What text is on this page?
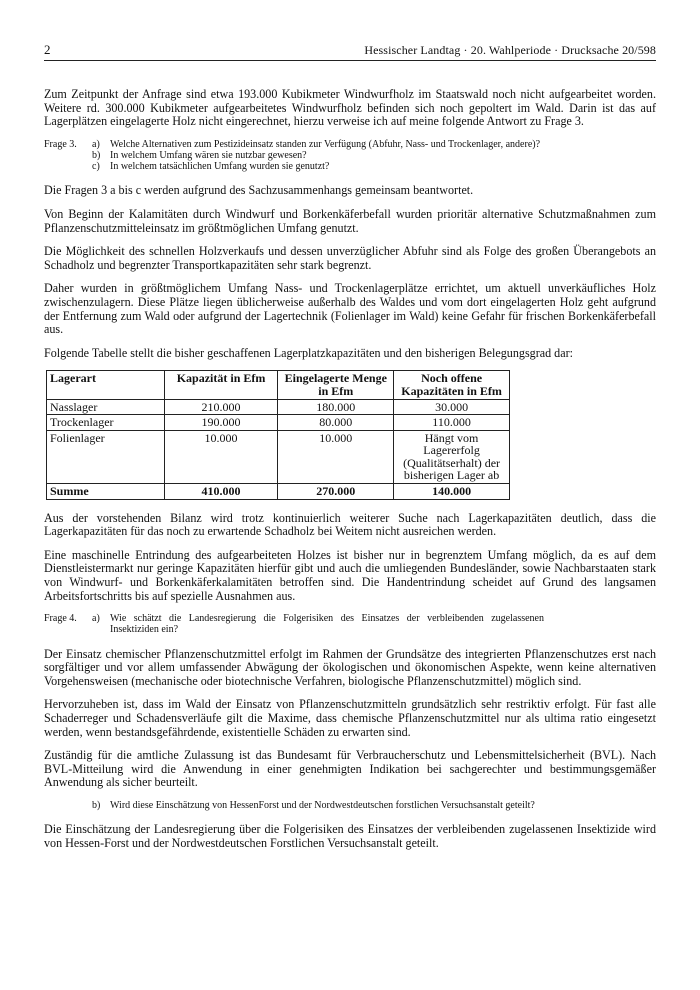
2	Hessischer Landtag · 20. Wahlperiode · Drucksache 20/598

Zum Zeitpunkt der Anfrage sind etwa 193.000 Kubikmeter Windwurfholz im Staatswald noch nicht aufgearbeitet worden. Weitere rd. 300.000 Kubikmeter aufgearbeitetes Windwurfholz befinden sich noch gepoltert im Wald. Darin ist das auf Lagerplätzen eingelagerte Holz nicht eingerechnet, hierzu verweise ich auf meine folgende Antwort zu Frage 3.

Frage 3.	a)	Welche Alternativen zum Pestizideinsatz standen zur Verfügung (Abfuhr, Nass- und Trockenlager, andere)?
b) In welchem Umfang wären sie nutzbar gewesen?
c)	In welchem tatsächlichen Umfang wurden sie genutzt?

Die Fragen 3 a bis c werden aufgrund des Sachzusammenhangs gemeinsam beantwortet.

Von Beginn der Kalamitäten durch Windwurf und Borkenkäferbefall wurden prioritär alternative Schutzmaßnahmen zum Pflanzenschutzmitteleinsatz im größtmöglichen Umfang genutzt.

Die Möglichkeit des schnellen Holzverkaufs und dessen unverzüglicher Abfuhr sind als Folge des großen Überangebots an Schadholz und begrenzter Transportkapazitäten sehr stark begrenzt.

Daher wurden in größtmöglichem Umfang Nass- und Trockenlagerplätze errichtet, um aktuell unverkäufliches Holz zwischenzulagern. Diese Plätze liegen üblicherweise außerhalb des Waldes und vom dort eingelagerten Holz geht aufgrund der Entfernung zum Wald oder aufgrund der Lagertechnik (Folienlager im Wald) keine Gefahr für frischen Borkenkäferbefall aus.

Folgende Tabelle stellt die bisher geschaffenen Lagerplatzkapazitäten und den bisherigen Belegungsgrad dar:

Lagerart	Kapazität in Efm	Eingelagerte Menge in Efm	Noch offene Kapazitäten in Efm
Nasslager	210.000	180.000	30.000
Trockenlager	190.000	80.000	110.000
Folienlager	10.000	10.000	Hängt vom Lagererfolg (Qualitätserhalt) der bisherigen Lager ab
Summe	410.000	270.000	140.000

Aus der vorstehenden Bilanz wird trotz kontinuierlich weiterer Suche nach Lagerkapazitäten deutlich, dass die Lagerkapazitäten für das noch zu erwartende Schadholz bei Weitem nicht ausreichen werden.

Eine maschinelle Entrindung des aufgearbeiteten Holzes ist bisher nur in begrenztem Umfang möglich, da es auf dem Dienstleistermarkt nur geringe Kapazitäten hierfür gibt und auch die umliegenden Bundesländer, sowie Nachbarstaaten stark von Windwurf- und Borkenkäferkalamitäten betroffen sind. Die Handentrindung scheidet auf Grund des langsamen Arbeitsfortschritts bis auf spezielle Ausnahmen aus.

Frage 4.	a)	Wie schätzt die Landesregierung die Folgerisiken des Einsatzes der verbleibenden zugelassenen Insektiziden ein?

Der Einsatz chemischer Pflanzenschutzmittel erfolgt im Rahmen der Grundsätze des integrierten Pflanzenschutzes erst nach sorgfältiger und vor allem umfassender Abwägung der ökologischen und ökonomischen Aspekte, wenn keine alternativen Vorgehensweisen (mechanische oder biotechnische Verfahren, biologische Pflanzenschutzmittel) möglich sind.

Hervorzuheben ist, dass im Wald der Einsatz von Pflanzenschutzmitteln grundsätzlich sehr restriktiv erfolgt. Für fast alle Schaderreger und Schadensverläufe gilt die Maxime, dass chemische Pflanzenschutzmittel nur als ultima ratio eingesetzt werden, wenn bestandsgefährdende, existentielle Schäden zu erwarten sind.

Zuständig für die amtliche Zulassung ist das Bundesamt für Verbraucherschutz und Lebensmittelsicherheit (BVL). Nach BVL-Mitteilung wird die Anwendung in einer genehmigten Indikation bei sachgerechter und bestimmungsgemäßer Anwendung als sicher beurteilt.

b) Wird diese Einschätzung von HessenForst und der Nordwestdeutschen forstlichen Versuchsanstalt geteilt?

Die Einschätzung der Landesregierung über die Folgerisiken des Einsatzes der verbleibenden zugelassenen Insektizide wird von Hessen-Forst und der Nordwestdeutschen Forstlichen Versuchsanstalt geteilt.
